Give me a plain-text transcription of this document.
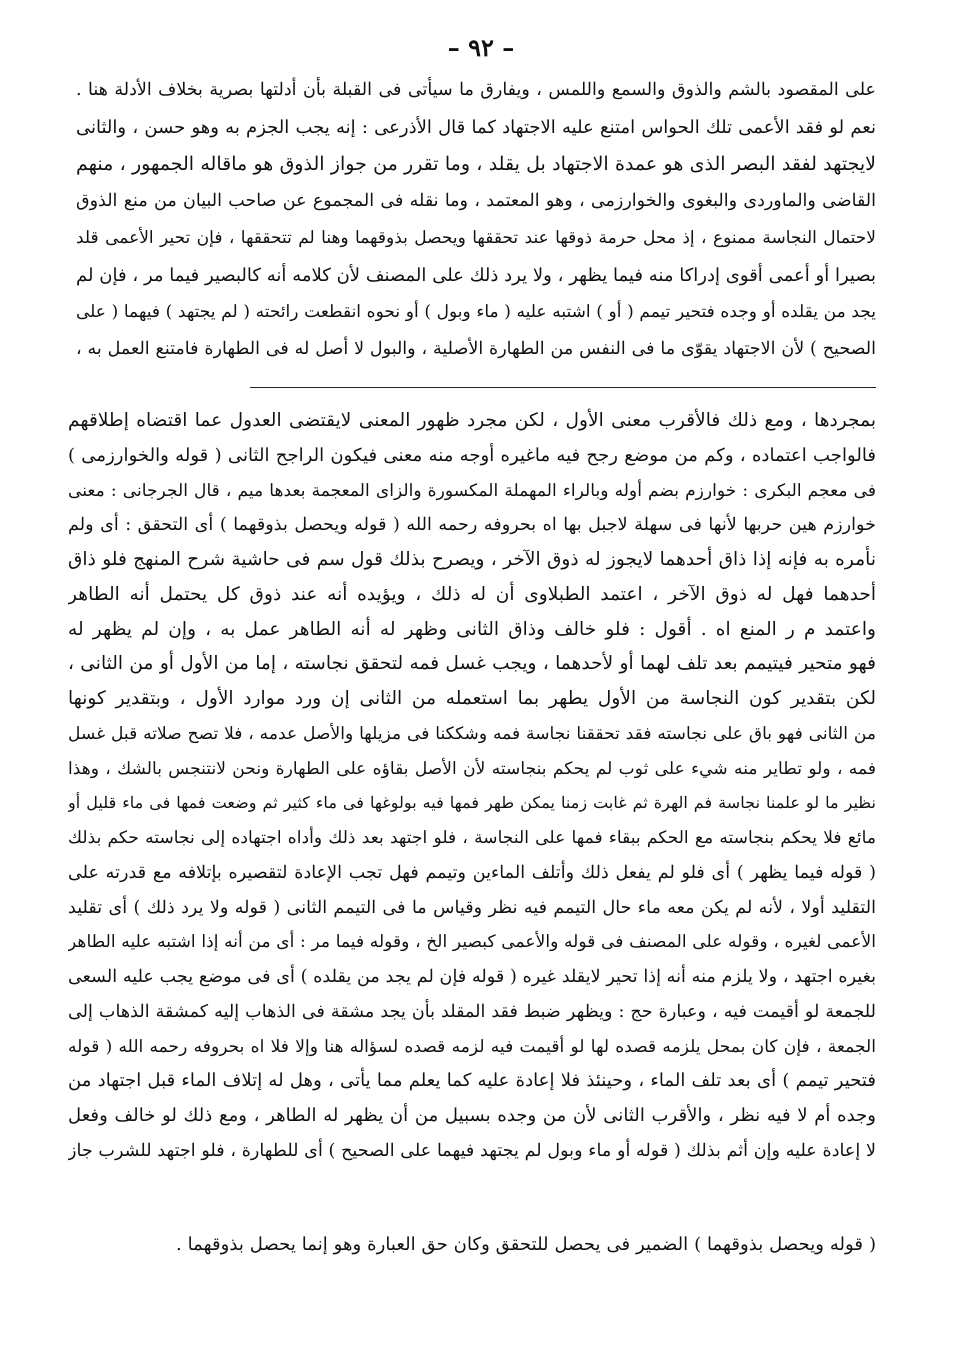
– ٩٢ –
على المقصود بالشم والذوق والسمع واللمس ، ويفارق ما سيأتى فى القبلة بأن أدلتها بصرية بخلاف الأدلة هنا .
نعم لو فقد الأعمى تلك الحواس امتنع عليه الاجتهاد كما قال الأذرعى : إنه يجب الجزم به وهو حسن ، والثانى
لايجتهد لفقد البصر الذى هو عمدة الاجتهاد بل يقلد ، وما تقرر من جواز الذوق هو ماقاله الجمهور ، منهم
القاضى والماوردى والبغوى والخوارزمى ، وهو المعتمد ، وما نقله فى المجموع عن صاحب البيان من منع الذوق
لاحتمال النجاسة ممنوع ، إذ محل حرمة ذوقها عند تحققها ويحصل بذوقهما وهنا لم تتحققها ، فإن تحير الأعمى قلد
بصيرا أو أعمى أقوى إدراكا منه فيما يظهر ، ولا يرد ذلك على المصنف لأن كلامه أنه كالبصير فيما مر ، فإن لم
يجد من يقلده أو وجده فتحير تيمم ( أو ) اشتبه عليه ( ماء وبول ) أو نحوه انقطعت رائحته ( لم يجتهد ) فيهما ( على
الصحيح ) لأن الاجتهاد يقوّى ما فى النفس من الطهارة الأصلية ، والبول لا أصل له فى الطهارة فامتنع العمل به ،
بمجردها ، ومع ذلك فالأقرب معنى الأول ، لكن مجرد ظهور المعنى لايقتضى العدول عما اقتضاه إطلاقهم
فالواجب اعتماده ، وكم من موضع رجح فيه ماغيره أوجه منه معنى فيكون الراجح الثانى ( قوله والخوارزمى )
فى معجم البكرى : خوارزم بضم أوله وبالراء المهملة المكسورة والزاى المعجمة بعدها ميم ، قال الجرجانى : معنى
خوارزم هين حربها لأنها فى سهلة لاجبل بها اه بحروفه رحمه الله ( قوله ويحصل بذوقهما ) أى التحقق : أى ولم
نأمره به فإنه إذا ذاق أحدهما لايجوز له ذوق الآخر ، ويصرح بذلك قول سم فى حاشية شرح المنهج فلو ذاق
أحدهما فهل له ذوق الآخر ، اعتمد الطبلاوى أن له ذلك ، ويؤيده أنه عند ذوق كل يحتمل أنه الطاهر
واعتمد م ر المنع اه . أقول : فلو خالف وذاق الثانى وظهر له أنه الطاهر عمل به ، وإن لم يظهر له
فهو متحير فيتيمم بعد تلف لهما أو لأحدهما ، ويجب غسل فمه لتحقق نجاسته ، إما من الأول أو من الثانى ،
لكن بتقدير كون النجاسة من الأول يطهر بما استعمله من الثانى إن ورد موارد الأول ، وبتقدير كونها
من الثانى فهو باق على نجاسته فقد تحققنا نجاسة فمه وشككنا فى مزيلها والأصل عدمه ، فلا تصح صلاته قبل غسل
فمه ، ولو تطاير منه شيء على ثوب لم يحكم بنجاسته لأن الأصل بقاؤه على الطهارة ونحن لانتنجس بالشك ، وهذا
نظير ما لو علمنا نجاسة فم الهرة ثم غابت زمنا يمكن طهر فمها فيه بولوغها فى ماء كثير ثم وضعت فمها فى ماء قليل أو
مائع فلا يحكم بنجاسته مع الحكم ببقاء فمها على النجاسة ، فلو اجتهد بعد ذلك وأداه اجتهاده إلى نجاسته حكم بذلك
( قوله فيما يظهر ) أى فلو لم يفعل ذلك وأتلف الماءين وتيمم فهل تجب الإعادة لتقصيره بإتلافه مع قدرته على
التقليد أولا ، لأنه لم يكن معه ماء حال التيمم فيه نظر وقياس ما فى التيمم الثانى ( قوله ولا يرد ذلك ) أى تقليد
الأعمى لغيره ، وقوله على المصنف فى قوله والأعمى كبصير الخ ، وقوله فيما مر : أى من أنه إذا اشتبه عليه الطاهر
بغيره اجتهد ، ولا يلزم منه أنه إذا تحير لايقلد غيره ( قوله فإن لم يجد من يقلده ) أى فى موضع يجب عليه السعى
للجمعة لو أقيمت فيه ، وعبارة حج : ويظهر ضبط فقد المقلد بأن يجد مشقة فى الذهاب إليه كمشقة الذهاب إلى
الجمعة ، فإن كان بمحل يلزمه قصده لها لو أقيمت فيه لزمه قصده لسؤاله هنا وإلا فلا اه بحروفه رحمه الله ( قوله
فتحير تيمم ) أى بعد تلف الماء ، وحينئذ فلا إعادة عليه كما يعلم مما يأتى ، وهل له إتلاف الماء قبل اجتهاد من
وجده أم لا فيه نظر ، والأقرب الثانى لأن من وجده بسبيل من أن يظهر له الطاهر ، ومع ذلك لو خالف وفعل
لا إعادة عليه وإن أثم بذلك ( قوله أو ماء وبول لم يجتهد فيهما على الصحيح ) أى للطهارة ، فلو اجتهد للشرب جاز
( قوله ويحصل بذوقهما ) الضمير فى يحصل للتحقق وكان حق العبارة وهو إنما يحصل بذوقهما .
